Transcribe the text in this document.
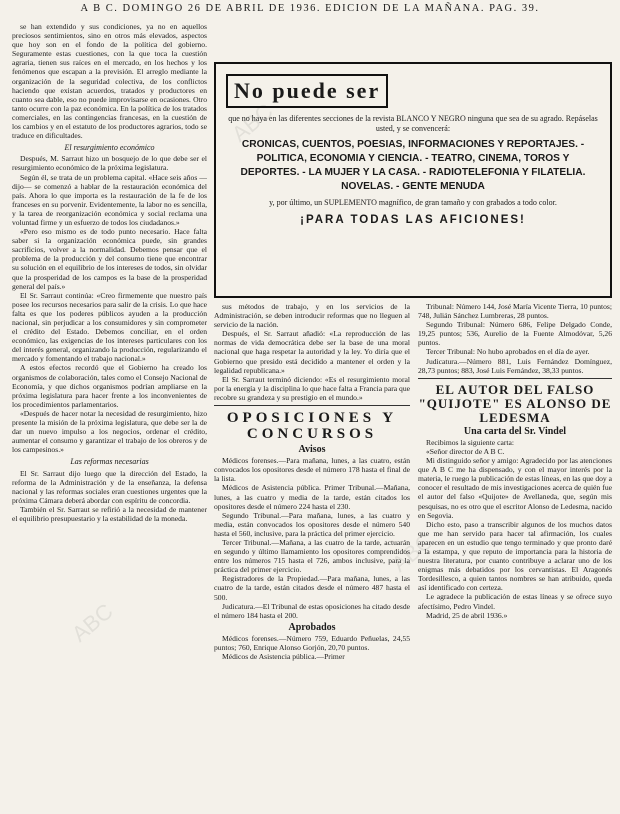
A B C. DOMINGO 26 DE ABRIL DE 1936. EDICION DE LA MAÑANA. PAG. 39.
ABC
ABC
ABC

se han extendido y sus condiciones, ya no en aquellos preciosos sentimientos, sino en otros más elevados, aspectos que hoy son en el fondo de la política del gobierno. Seguramente estas cuestiones, con la que toca la cuestión agraria, tienen sus raíces en el mercado, en los hechos y los fenómenos que escapan a la previsión. El arreglo mediante la organización de la seguridad colectiva, de los conflictos haciendo que existan acuerdos, tratados y productores en cuanto sea dable, eso no puede improvisarse en ocasiones. Otro tanto ocurre con la paz económica. En la política de los tratados comerciales, en las contingencias francesas, en la cuestión de los cambios y en el estatuto de los productores agrarios, todo se traduce en dificultades.

El resurgimiento económico

Después, M. Sarraut hizo un bosquejo de lo que debe ser el resurgimiento económico de la próxima legislatura.

Según él, se trata de un problema capital. «Hace seis años —dijo— se comenzó a hablar de la restauración económica del país. Ahora lo que importa es la restauración de la fe de los franceses en su porvenir. Evidentemente, la labor no es sencilla, y la tarea de reorganización económica y social reclama una voluntad firme y un esfuerzo de todos los ciudadanos.»

«Pero eso mismo es de todo punto necesario. Hace falta saber si la organización económica puede, sin grandes sacrificios, volver a la normalidad. Debemos pensar que el problema de la producción y del consumo tiene que encontrar su solución en el equilibrio de los intereses de todos, sin olvidar que la prosperidad de los campos es la base de la prosperidad general del país.»

El Sr. Sarraut continúa: «Creo firmemente que nuestro país posee los recursos necesarios para salir de la crisis. Lo que hace falta es que los poderes públicos ayuden a la producción nacional, sin perjudicar a los consumidores y sin comprometer el crédito del Estado. Debemos conciliar, en el orden económico, las exigencias de los intereses particulares con los del interés general, organizando la producción, regularizando el mercado y fomentando el trabajo nacional.»

A estos efectos recordó que el Gobierno ha creado los organismos de colaboración, tales como el Consejo Nacional de Economía, y que dichos organismos podrían ampliarse en la próxima legislatura para hacer frente a los inconvenientes de los procedimientos parlamentarios.

«Después de hacer notar la necesidad de resurgimiento, hizo presente la misión de la próxima legislatura, que debe ser la de dar un nuevo impulso a los negocios, ordenar el crédito, aumentar el consumo y garantizar el trabajo de los obreros y de los campesinos.»

Las reformas necesarias

El Sr. Sarraut dijo luego que la dirección del Estado, la reforma de la Administración y de la enseñanza, la defensa nacional y las reformas sociales eran cuestiones urgentes que la próxima Cámara deberá abordar con espíritu de concordia.

También el Sr. Sarraut se refirió a la necesidad de mantener el equilibrio presupuestario y la estabilidad de la moneda.

No puede ser
que no haya en las diferentes secciones de la revista BLANCO Y NEGRO ninguna que sea de su agrado. Repáselas usted, y se convencerá:
CRONICAS, CUENTOS, POESIAS, INFORMACIONES Y REPORTAJES. - POLITICA, ECONOMIA Y CIENCIA. - TEATRO, CINEMA, TOROS Y DEPORTES. - LA MUJER Y LA CASA. - RADIOTELEFONIA Y FILATELIA. NOVELAS. - GENTE MENUDA
y, por último, un SUPLEMENTO magnífico, de gran tamaño y con grabados a todo color.
¡PARA TODAS LAS AFICIONES!

sus métodos de trabajo, y en los servicios de la Administración, se deben introducir reformas que no lleguen al servicio de la nación.

Después, el Sr. Sarraut añadió: «La reproducción de las normas de vida democrática debe ser la base de una moral nacional que haga respetar la autoridad y la ley. Yo diría que el Gobierno que presido está decidido a mantener el orden y la legalidad republicana.»

El Sr. Sarraut terminó diciendo: «Es el resurgimiento moral por la energía y la disciplina lo que hace falta a Francia para que recobre su grandeza y su prestigio en el mundo.»

OPOSICIONES Y CONCURSOS
Avisos

Médicos forenses.—Para mañana, lunes, a las cuatro, están convocados los opositores desde el número 178 hasta el final de la lista.

Médicos de Asistencia pública. Primer Tribunal.—Mañana, lunes, a las cuatro y media de la tarde, están citados los opositores desde el número 224 hasta el 230.

Segundo Tribunal.—Para mañana, lunes, a las cuatro y media, están convocados los opositores desde el número 540 hasta el 560, inclusive, para la práctica del primer ejercicio.

Tercer Tribunal.—Mañana, a las cuatro de la tarde, actuarán en segundo y último llamamiento los opositores comprendidos entre los números 715 hasta el 726, ambos inclusive, para la práctica del primer ejercicio.

Registradores de la Propiedad.—Para mañana, lunes, a las cuatro de la tarde, están citados desde el número 487 hasta el 500.

Judicatura.—El Tribunal de estas oposiciones ha citado desde el número 184 hasta el 200.

Aprobados

Médicos forenses.—Número 759, Eduardo Peñuelas, 24,55 puntos; 760, Enrique Alonso Gorjón, 20,70 puntos.

Médicos de Asistencia pública.—Primer

Tribunal: Número 144, José María Vicente Tierra, 10 puntos; 748, Julián Sánchez Lumbreras, 28 puntos.

Segundo Tribunal: Número 686, Felipe Delgado Conde, 19,25 puntos; 536, Aurelio de la Fuente Almodóvar, 5,26 puntos.

Tercer Tribunal: No hubo aprobados en el día de ayer.

Judicatura.—Número 881, Luis Fernández Domínguez, 28,73 puntos; 883, José Luis Fernández, 38,33 puntos.

EL AUTOR DEL FALSO "QUIJOTE" ES ALONSO DE LEDESMA
Una carta del Sr. Vindel

Recibimos la siguiente carta:

«Señor director de A B C.

Mi distinguido señor y amigo: Agradecido por las atenciones que A B C me ha dispensado, y con el mayor interés por la materia, le ruego la publicación de estas líneas, en las que doy a conocer el resultado de mis investigaciones acerca de quién fue el autor del falso «Quijote» de Avellaneda, que, según mis pesquisas, no es otro que el escritor Alonso de Ledesma, nacido en Segovia.

Dicho esto, paso a transcribir algunos de los muchos datos que me han servido para hacer tal afirmación, los cuales aparecen en un estudio que tengo terminado y que pronto daré a la estampa, y que reputo de importancia para la historia de nuestra literatura, por cuanto contribuye a aclarar uno de los enigmas más debatidos por los cervantistas. El Aragonés Tordesillesco, a quien tantos nombres se han atribuido, queda así identificado con certeza.

Le agradece la publicación de estas líneas y se ofrece suyo afectísimo, Pedro Vindel.

Madrid, 25 de abril 1936.»
